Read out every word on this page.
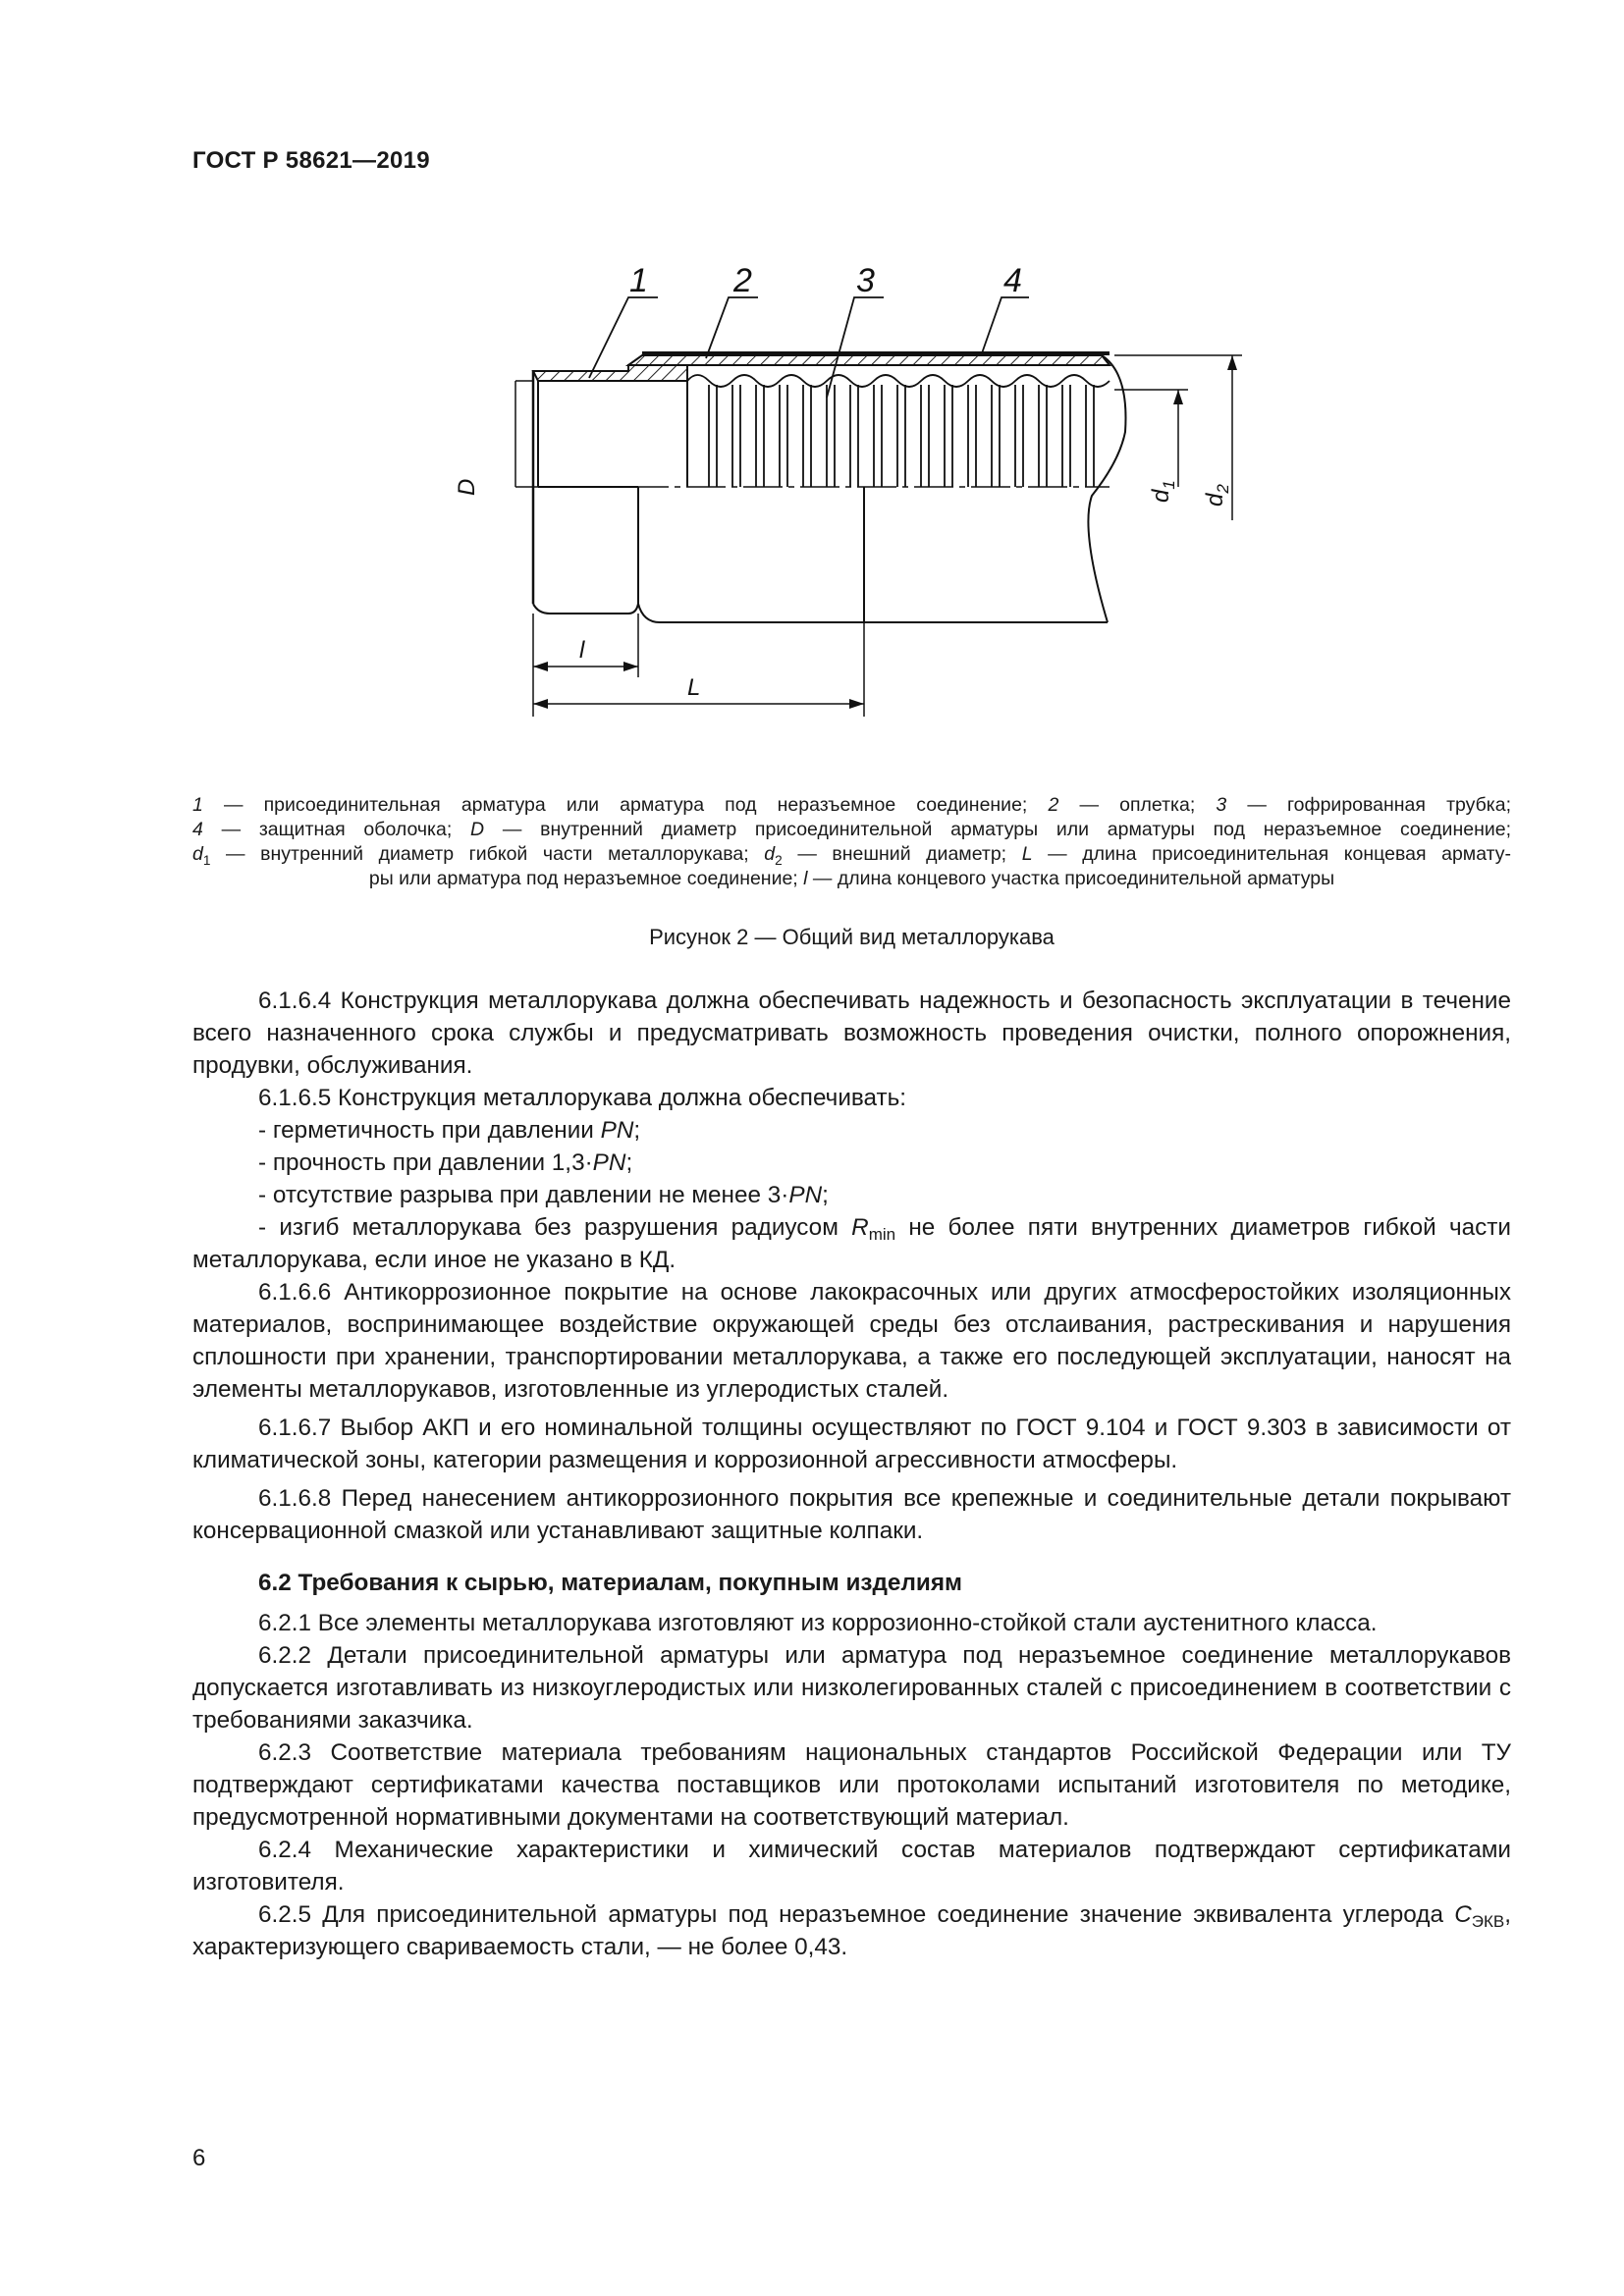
ГОСТ Р 58621—2019
1	2	3	4
D
$d_1$
$d_2$
l
L
1 — присоединительная арматура или арматура под неразъемное соединение; 2 — оплетка; 3 — гофрированная трубка;
4 — защитная оболочка; D — внутренний диаметр присоединительной арматуры или арматуры под неразъемное соединение;
$d_1$ — внутренний диаметр гибкой части металлорукава; $d_2$ — внешний диаметр; L — длина присоединительная концевая армату-
ры или арматура под неразъемное соединение; l — длина концевого участка присоединительной арматуры
Рисунок 2 — Общий вид металлорукава

6.1.6.4 Конструкция металлорукава должна обеспечивать надежность и безопасность эксплуатации в течение всего назначенного срока службы и предусматривать возможность проведения очистки, полного опорожнения, продувки, обслуживания.

6.1.6.5 Конструкция металлорукава должна обеспечивать:

- герметичность при давлении PN;

- прочность при давлении 1,3·PN;

- отсутствие разрыва при давлении не менее 3·PN;

- изгиб металлорукава без разрушения радиусом $R_{min}$ не более пяти внутренних диаметров гибкой части металлорукава, если иное не указано в КД.

6.1.6.6 Антикоррозионное покрытие на основе лакокрасочных или других атмосферостойких изоляционных материалов, воспринимающее воздействие окружающей среды без отслаивания, растрескивания и нарушения сплошности при хранении, транспортировании металлорукава, а также его последующей эксплуатации, наносят на элементы металлорукавов, изготовленные из углеродистых сталей.

6.1.6.7 Выбор АКП и его номинальной толщины осуществляют по ГОСТ 9.104 и ГОСТ 9.303 в зависимости от климатической зоны, категории размещения и коррозионной агрессивности атмосферы.

6.1.6.8 Перед нанесением антикоррозионного покрытия все крепежные и соединительные детали покрывают консервационной смазкой или устанавливают защитные колпаки.

6.2 Требования к сырью, материалам, покупным изделиям

6.2.1 Все элементы металлорукава изготовляют из коррозионно-стойкой стали аустенитного класса.

6.2.2 Детали присоединительной арматуры или арматура под неразъемное соединение металлорукавов допускается изготавливать из низкоуглеродистых или низколегированных сталей с присоединением в соответствии с требованиями заказчика.

6.2.3 Соответствие материала требованиям национальных стандартов Российской Федерации или ТУ подтверждают сертификатами качества поставщиков или протоколами испытаний изготовителя по методике, предусмотренной нормативными документами на соответствующий материал.

6.2.4 Механические характеристики и химический состав материалов подтверждают сертификатами изготовителя.

6.2.5 Для присоединительной арматуры под неразъемное соединение значение эквивалента углерода $C_{ЭКВ}$, характеризующего свариваемость стали, — не более 0,43.

6
